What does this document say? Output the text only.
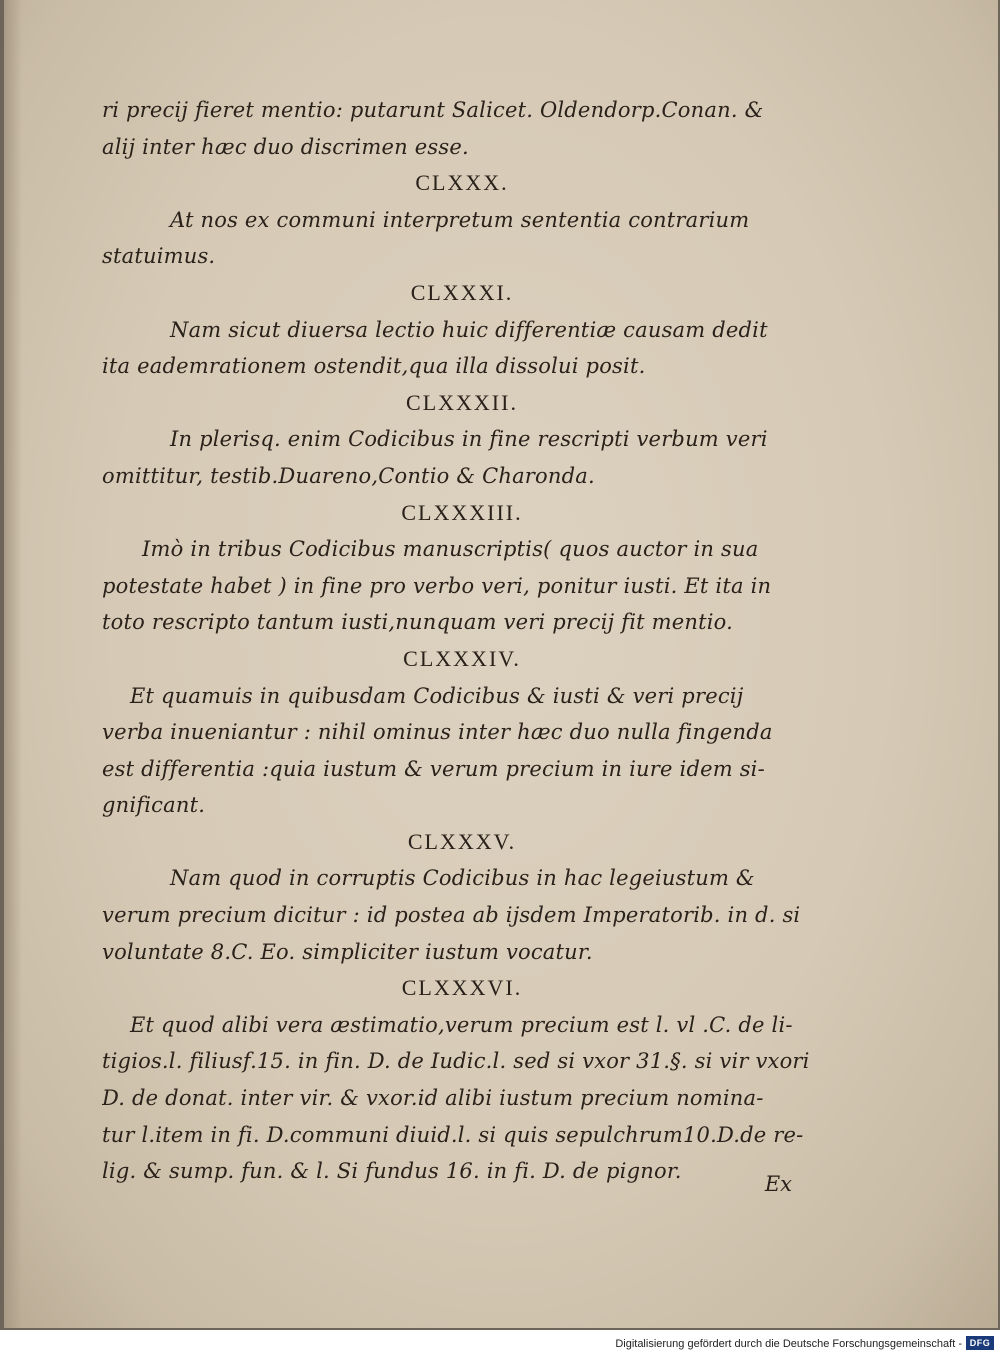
ri precij fieret mentio: putarunt Salicet. Oldendorp.Conan. &
alij inter hæc duo discrimen esse.
CLXXX.
At nos ex communi interpretum sententia contrarium
statuimus.
CLXXXI.
Nam sicut diuersa lectio huic differentiæ causam dedit
ita eademrationem ostendit,qua illa dissolui posit.
CLXXXII.
In plerisq. enim Codicibus in fine rescripti verbum veri
omittitur, testib.Duareno,Contio & Charonda.
CLXXXIII.
Imò in tribus Codicibus manuscriptis( quos auctor in sua
potestate habet ) in fine pro verbo veri, ponitur iusti. Et ita in
toto rescripto tantum iusti,nunquam veri precij fit mentio.
CLXXXIV.
Et quamuis in quibusdam Codicibus & iusti & veri precij
verba inueniantur : nihil ominus inter hæc duo nulla fingenda
est differentia :quia iustum & verum precium in iure idem si-
gnificant.
CLXXXV.
Nam quod in corruptis Codicibus in hac legeiustum &
verum precium dicitur : id postea ab ijsdem Imperatorib. in d. si
voluntate 8.C. Eo. simpliciter iustum vocatur.
CLXXXVI.
Et quod alibi vera æstimatio,verum precium est l. vl .C. de li-
tigios.l. filiusf.15. in fin. D. de Iudic.l. sed si vxor 31.§. si vir vxori
D. de donat. inter vir. & vxor.id alibi iustum precium nomina-
tur l.item in fi. D.communi diuid.l. si quis sepulchrum10.D.de re-
lig. & sump. fun. & l. Si fundus 16. in fi. D. de pignor.
Ex
Digitalisierung gefördert durch die Deutsche Forschungsgemeinschaft - DFG
